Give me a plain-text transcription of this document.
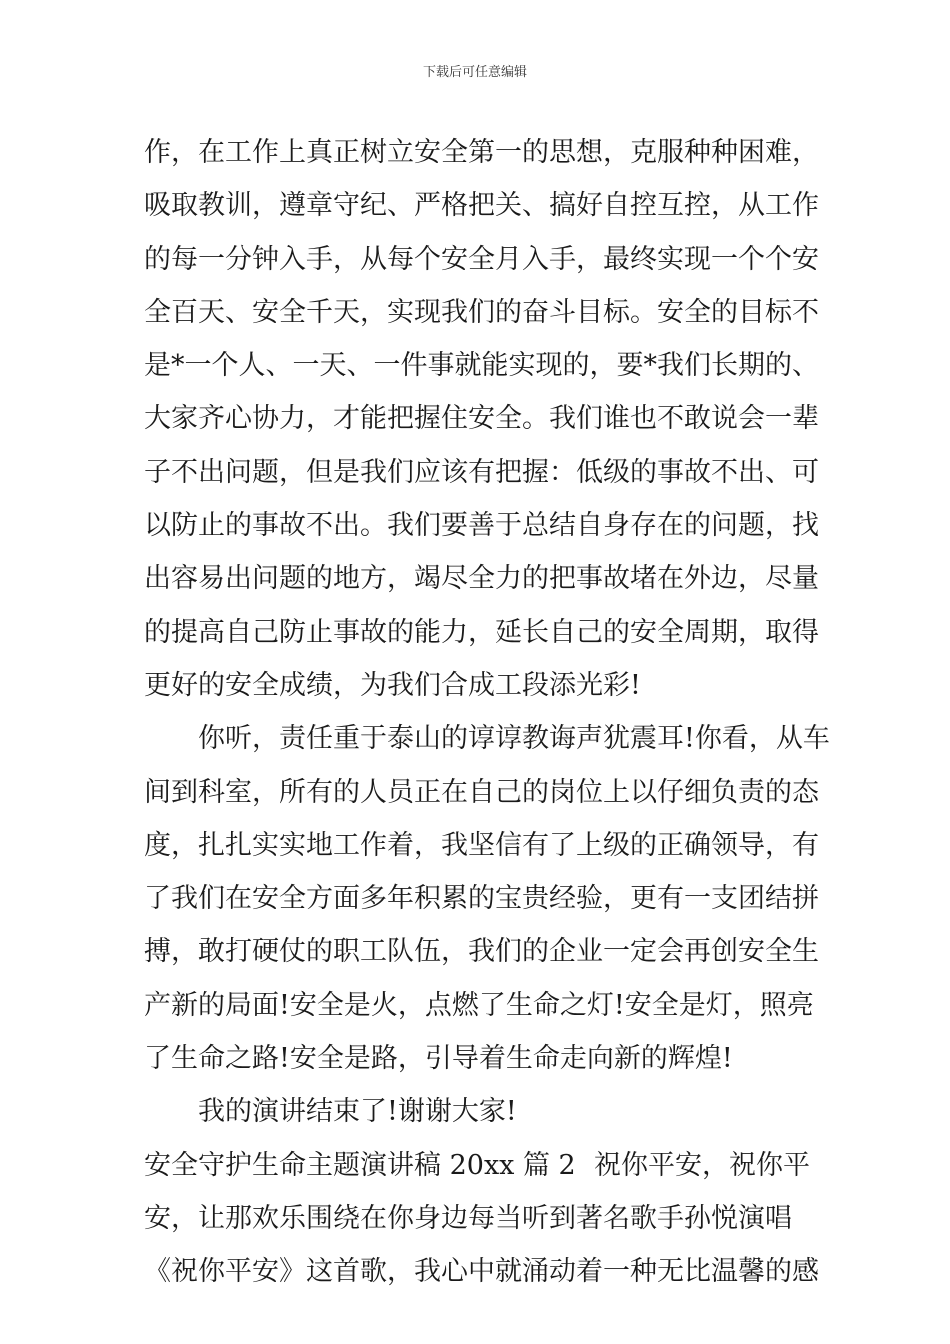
下载后可任意编辑
作，在工作上真正树立安全第一的思想，克服种种困难，
吸取教训，遵章守纪、严格把关、搞好自控互控，从工作
的每一分钟入手，从每个安全月入手，最终实现一个个安
全百天、安全千天，实现我们的奋斗目标。安全的目标不
是*一个人、一天、一件事就能实现的，要*我们长期的、
大家齐心协力，才能把握住安全。我们谁也不敢说会一辈
子不出问题，但是我们应该有把握：低级的事故不出、可
以防止的事故不出。我们要善于总结自身存在的问题，找
出容易出问题的地方，竭尽全力的把事故堵在外边，尽量
的提高自己防止事故的能力，延长自己的安全周期，取得
更好的安全成绩，为我们合成工段添光彩!
你听，责任重于泰山的谆谆教诲声犹震耳!你看，从车
间到科室，所有的人员正在自己的岗位上以仔细负责的态
度，扎扎实实地工作着，我坚信有了上级的正确领导，有
了我们在安全方面多年积累的宝贵经验，更有一支团结拼
搏，敢打硬仗的职工队伍，我们的企业一定会再创安全生
产新的局面!安全是火，点燃了生命之灯!安全是灯，照亮
了生命之路!安全是路，引导着生命走向新的辉煌!
我的演讲结束了!谢谢大家!
安全守护生命主题演讲稿 20xx 篇 2 祝你平安，祝你平
安，让那欢乐围绕在你身边每当听到著名歌手孙悦演唱
《祝你平安》这首歌，我心中就涌动着一种无比温馨的感
